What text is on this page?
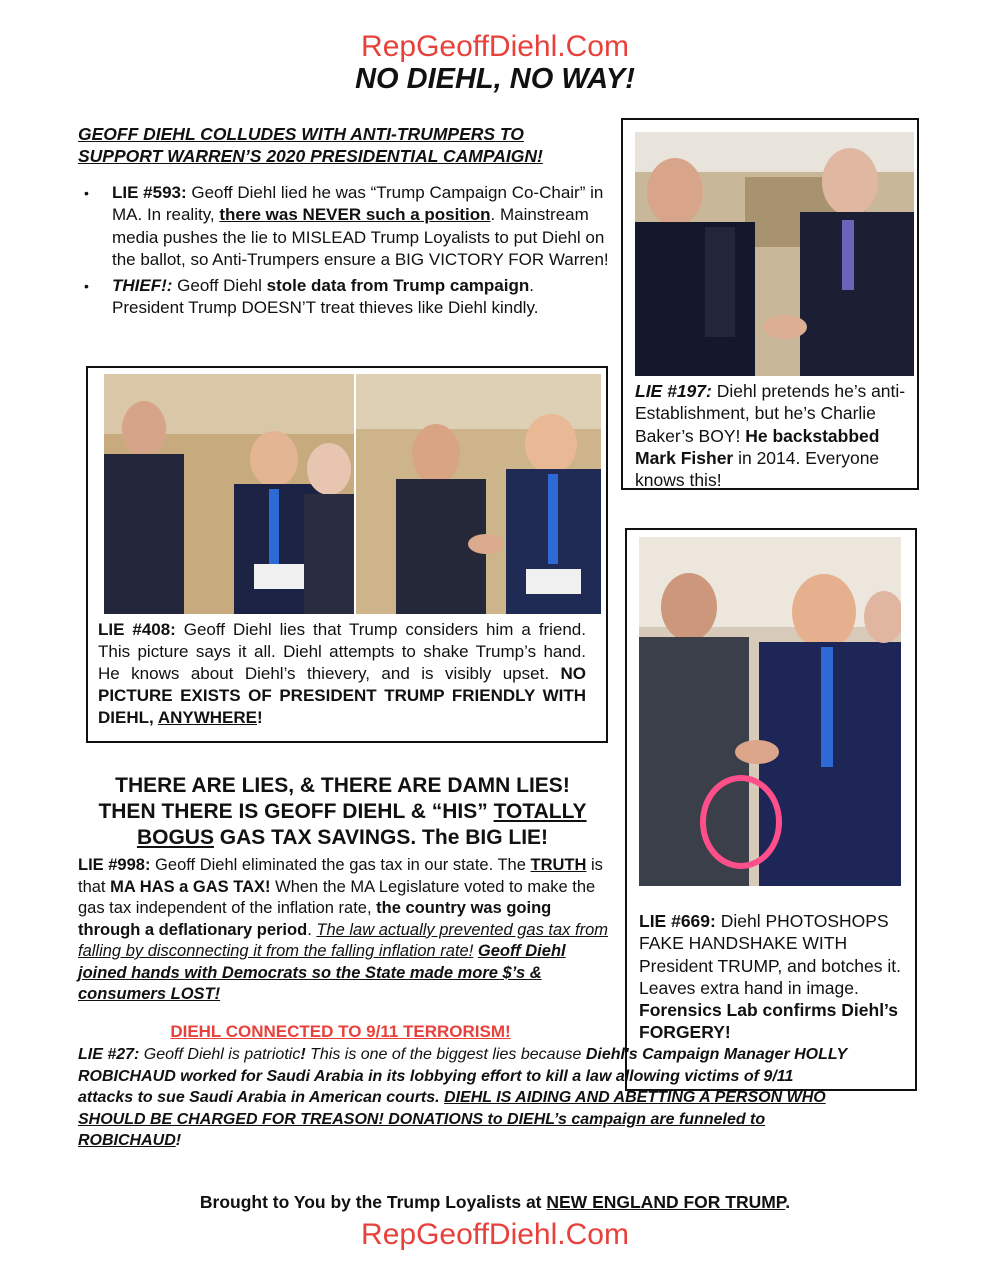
RepGeoffDiehl.Com
NO DIEHL, NO WAY!
GEOFF DIEHL COLLUDES WITH ANTI-TRUMPERS TO
SUPPORT WARREN’S 2020 PRESIDENTIAL CAMPAIGN!
• LIE #593: Geoff Diehl lied he was “Trump Campaign Co-Chair” in MA. In reality, there was NEVER such a position. Mainstream media pushes the lie to MISLEAD Trump Loyalists to put Diehl on the ballot, so Anti-Trumpers ensure a BIG VICTORY FOR Warren!
• THIEF!: Geoff Diehl stole data from Trump campaign. President Trump DOESN’T treat thieves like Diehl kindly.
LIE #197: Diehl pretends he’s anti-Establishment, but he’s Charlie Baker’s BOY! He backstabbed Mark Fisher in 2014. Everyone knows this!
LIE #408: Geoff Diehl lies that Trump considers him a friend. This picture says it all. Diehl attempts to shake Trump’s hand. He knows about Diehl’s thievery, and is visibly upset. NO PICTURE EXISTS OF PRESIDENT TRUMP FRIENDLY WITH DIEHL, ANYWHERE!
LIE #669: Diehl PHOTOSHOPS FAKE HANDSHAKE WITH President TRUMP, and botches it. Leaves extra hand in image. Forensics Lab confirms Diehl’s FORGERY!
THERE ARE LIES, & THERE ARE DAMN LIES!
THEN THERE IS GEOFF DIEHL & “HIS” TOTALLY
BOGUS GAS TAX SAVINGS. The BIG LIE!
LIE #998: Geoff Diehl eliminated the gas tax in our state. The TRUTH is that MA HAS a GAS TAX! When the MA Legislature voted to make the gas tax independent of the inflation rate, the country was going through a deflationary period. The law actually prevented gas tax from falling by disconnecting it from the falling inflation rate! Geoff Diehl joined hands with Democrats so the State made more $’s & consumers LOST!
DIEHL CONNECTED TO 9/11 TERRORISM!
LIE #27: Geoff Diehl is patriotic! This is one of the biggest lies because Diehl's Campaign Manager HOLLY ROBICHAUD worked for Saudi Arabia in its lobbying effort to kill a law allowing victims of 9/11 attacks to sue Saudi Arabia in American courts. DIEHL IS AIDING AND ABETTING A PERSON WHO SHOULD BE CHARGED FOR TREASON! DONATIONS to DIEHL’s campaign are funneled to ROBICHAUD!
Brought to You by the Trump Loyalists at NEW ENGLAND FOR TRUMP.
RepGeoffDiehl.Com
